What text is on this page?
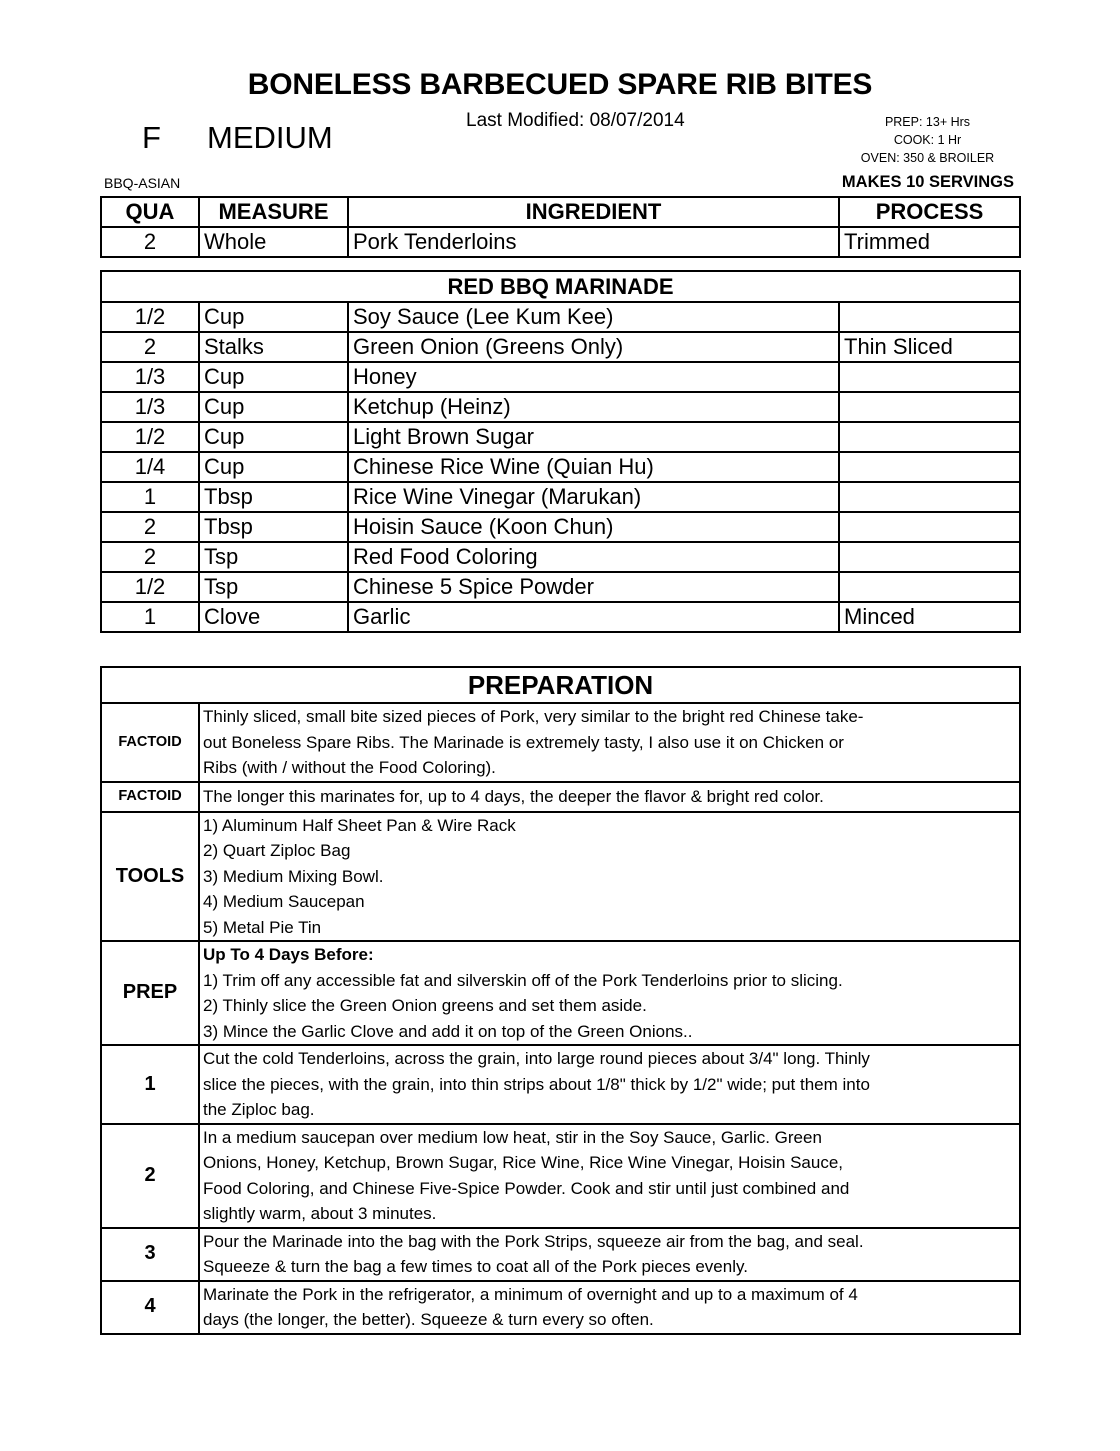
BONELESS BARBECUED SPARE RIB BITES
F MEDIUM	Last Modified: 08/07/2014	PREP: 13+ Hrs
COOK: 1 Hr
OVEN: 350 & BROILER
BBQ-ASIAN	MAKES 10 SERVINGS
QUA	MEASURE	INGREDIENT	PROCESS
2	Whole	Pork Tenderloins	Trimmed
RED BBQ MARINADE			
1/2	Cup	Soy Sauce (Lee Kum Kee)	
2	Stalks	Green Onion (Greens Only)	Thin Sliced
1/3	Cup	Honey	
1/3	Cup	Ketchup (Heinz)	
1/2	Cup	Light Brown Sugar	
1/4	Cup	Chinese Rice Wine (Quian Hu)	
1	Tbsp	Rice Wine Vinegar (Marukan)	
2	Tbsp	Hoisin Sauce (Koon Chun)	
2	Tsp	Red Food Coloring	
1/2	Tsp	Chinese 5 Spice Powder	
1	Clove	Garlic	Minced
PREPARATION	
FACTOID	Thinly sliced, small bite sized pieces of Pork, very similar to the bright red Chinese take-
out Boneless Spare Ribs. The Marinade is extremely tasty, I also use it on Chicken or
Ribs (with / without the Food Coloring).

FACTOID	The longer this marinates for, up to 4 days, the deeper the flavor & bright red color.

TOOLS	1) Aluminum Half Sheet Pan & Wire Rack
2) Quart Ziploc Bag
3) Medium Mixing Bowl.
4) Medium Saucepan
5) Metal Pie Tin

PREP	Up To 4 Days Before:
1) Trim off any accessible fat and silverskin off of the Pork Tenderloins prior to slicing.
2) Thinly slice the Green Onion greens and set them aside.
3) Mince the Garlic Clove and add it on top of the Green Onions..

1	Cut the cold Tenderloins, across the grain, into large round pieces about 3/4" long. Thinly
slice the pieces, with the grain, into thin strips about 1/8" thick by 1/2" wide; put them into
the Ziploc bag.

2	In a medium saucepan over medium low heat, stir in the Soy Sauce, Garlic. Green
Onions, Honey, Ketchup, Brown Sugar, Rice Wine, Rice Wine Vinegar, Hoisin Sauce,
Food Coloring, and Chinese Five-Spice Powder. Cook and stir until just combined and
slightly warm, about 3 minutes.

3	Pour the Marinade into the bag with the Pork Strips, squeeze air from the bag, and seal.
Squeeze & turn the bag a few times to coat all of the Pork pieces evenly.

4	Marinate the Pork in the refrigerator, a minimum of overnight and up to a maximum of 4
days (the longer, the better). Squeeze & turn every so often.
